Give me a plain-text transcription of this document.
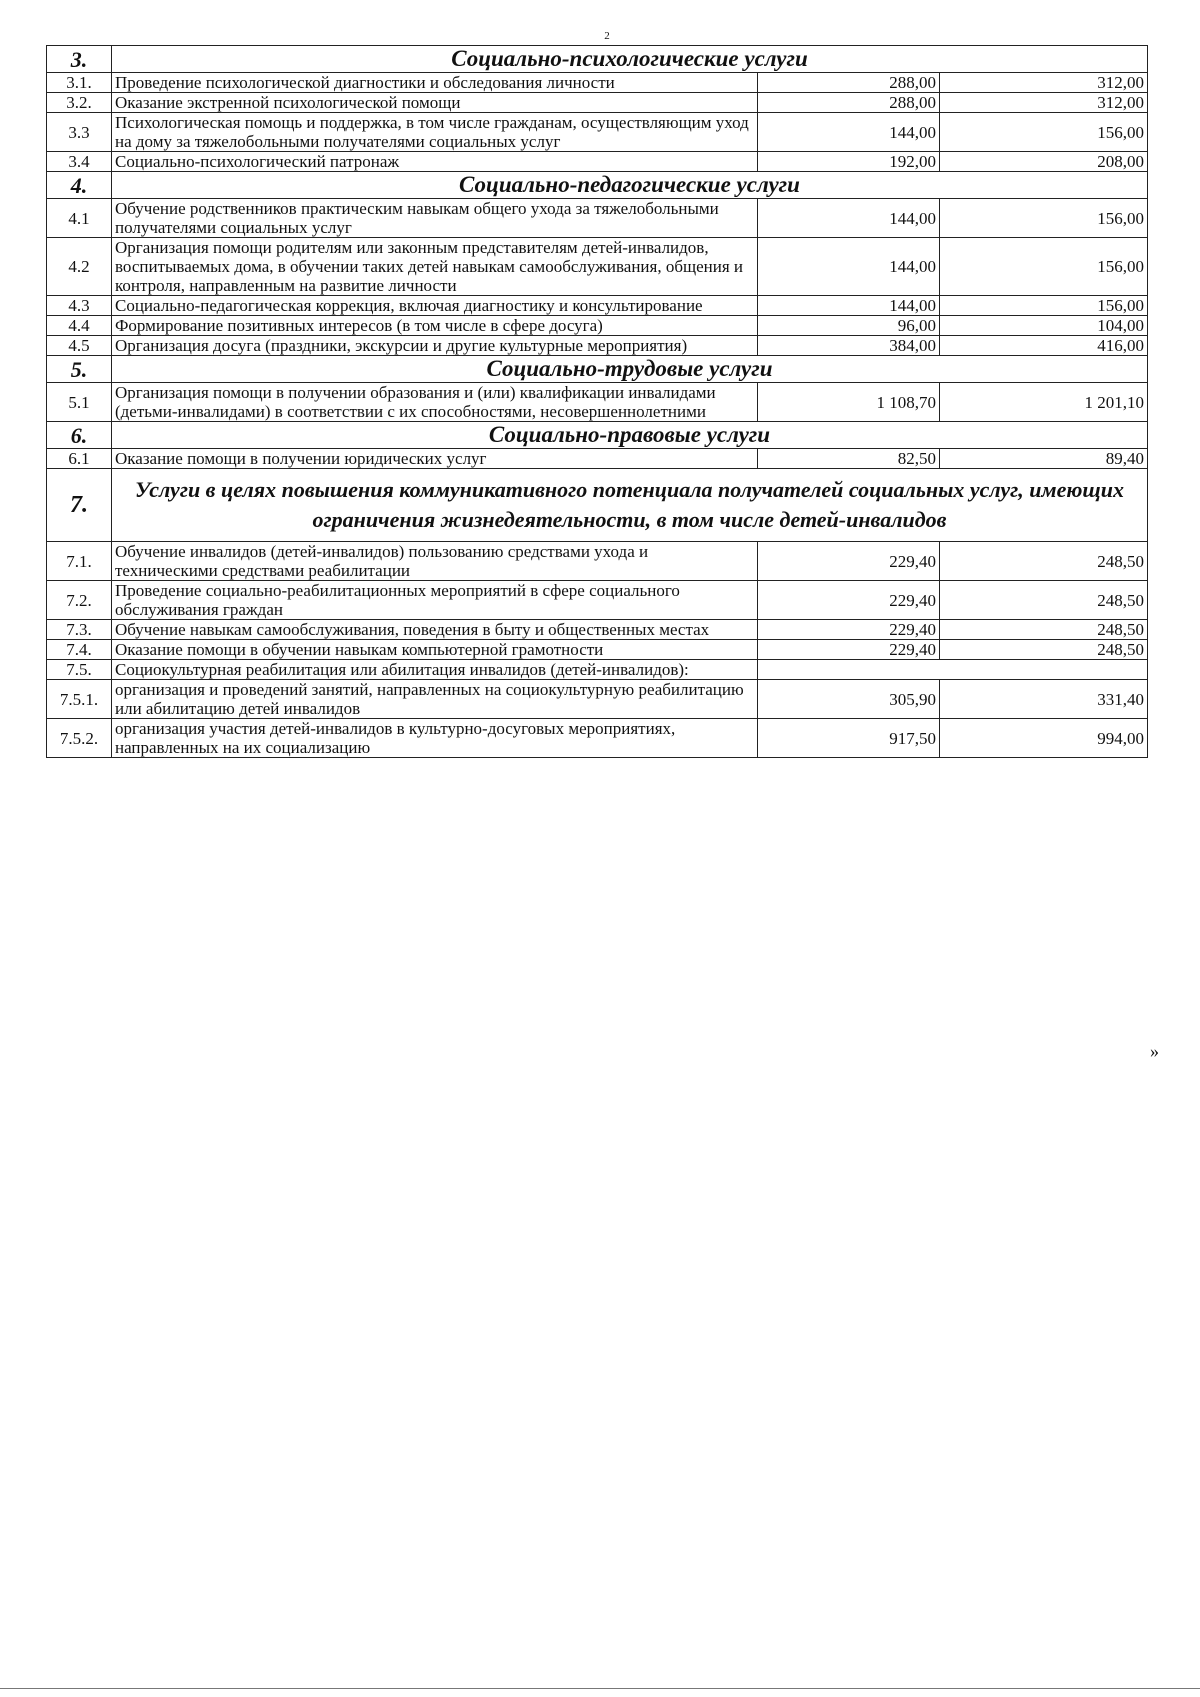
2
3.	Социально-психологические услуги		
3.1.	Проведение психологической диагностики и обследования личности	288,00	312,00
3.2.	Оказание экстренной психологической помощи	288,00	312,00
3.3	Психологическая помощь и поддержка, в том числе гражданам, осуществляющим уход на дому за тяжелобольными получателями социальных услуг	144,00	156,00
3.4	Социально-психологический патронаж	192,00	208,00
4.	Социально-педагогические услуги		
4.1	Обучение родственников практическим навыкам общего ухода за тяжелобольными получателями социальных услуг	144,00	156,00
4.2	Организация помощи родителям или законным представителям детей-инвалидов, воспитываемых дома, в обучении таких детей навыкам самообслуживания, общения и контроля, направленным на развитие личности	144,00	156,00
4.3	Социально-педагогическая коррекция, включая диагностику и консультирование	144,00	156,00
4.4	Формирование позитивных интересов (в том числе в сфере досуга)	96,00	104,00
4.5	Организация досуга (праздники, экскурсии и другие культурные мероприятия)	384,00	416,00
5.	Социально-трудовые услуги		
5.1	Организация помощи в получении образования и (или) квалификации инвалидами (детьми-инвалидами) в соответствии с их способностями, несовершеннолетними	1 108,70	1 201,10
6.	Социально-правовые услуги		
6.1	Оказание помощи в получении юридических услуг	82,50	89,40
7.	Услуги в целях повышения коммуникативного потенциала получателей социальных услуг, имеющих ограничения жизнедеятельности, в том числе детей-инвалидов		
7.1.	Обучение инвалидов (детей-инвалидов) пользованию средствами ухода и техническими средствами реабилитации	229,40	248,50
7.2.	Проведение социально-реабилитационных мероприятий в сфере социального обслуживания граждан	229,40	248,50
7.3.	Обучение навыкам самообслуживания, поведения в быту и общественных местах	229,40	248,50
7.4.	Оказание помощи в обучении навыкам компьютерной грамотности	229,40	248,50
7.5.	Социокультурная реабилитация или абилитация инвалидов (детей-инвалидов):		
7.5.1.	организация и проведений занятий, направленных на социокультурную реабилитацию или абилитацию детей инвалидов	305,90	331,40
7.5.2.	организация участия детей-инвалидов в культурно-досуговых мероприятиях, направленных на их социализацию	917,50	994,00
»
